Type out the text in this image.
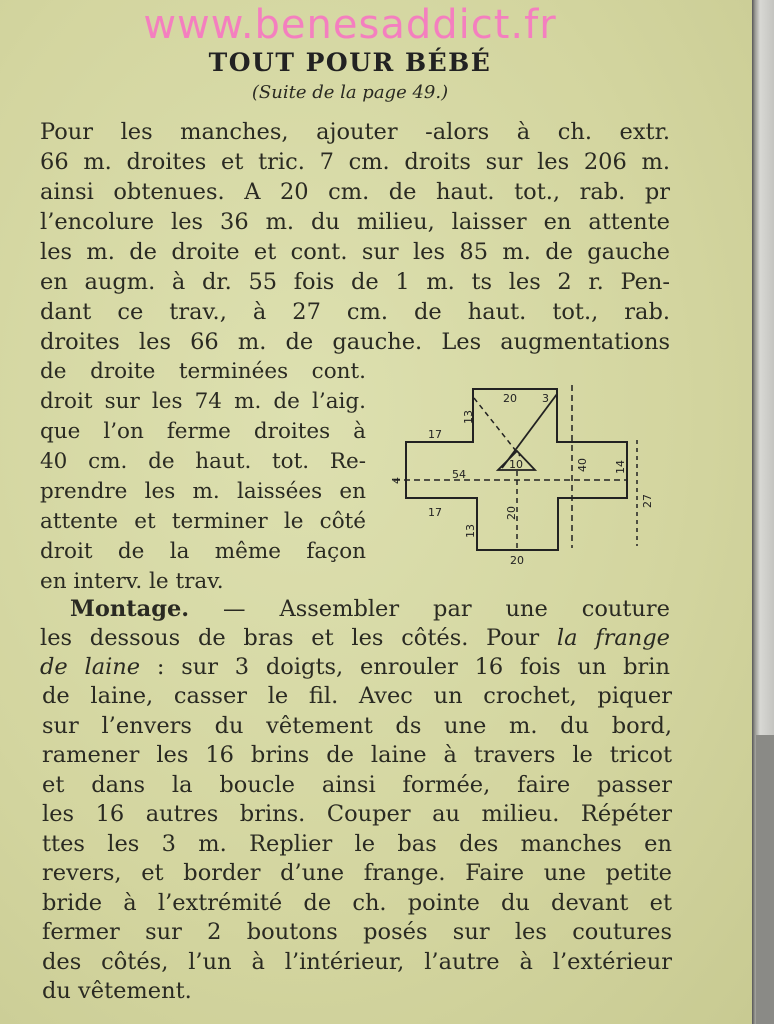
www.benesaddict.fr
TOUT POUR BÉBÉ
(Suite de la page 49.)
Pour les manches, ajouter -alors à ch. extr.
66 m. droites et tric. 7 cm. droits sur les 206 m.
ainsi obtenues. A 20 cm. de haut. tot., rab. pr
l’encolure les 36 m. du milieu, laisser en attente
les m. de droite et cont. sur les 85 m. de gauche
en augm. à dr. 55 fois de 1 m. ts les 2 r. Pen-
dant ce trav., à 27 cm. de haut. tot., rab.
droites les 66 m. de gauche. Les augmentations
de droite terminées cont.
droit sur les 74 m. de l’aig.
que l’on ferme droites à
40 cm. de haut. tot. Re-
prendre les m. laissées en
attente et terminer le côté
droit de la même façon
en interv. le trav.
Montage. — Assembler par une couture
les dessous de bras et les côtés. Pour la frange
de laine : sur 3 doigts, enrouler 16 fois un brin
de laine, casser le fil. Avec un crochet, piquer
sur l’envers du vêtement ds une m. du bord,
ramener les 16 brins de laine à travers le tricot
et dans la boucle ainsi formée, faire passer
les 16 autres brins. Couper au milieu. Répéter
ttes les 3 m. Replier le bas des manches en
revers, et border d’une frange. Faire une petite
bride à l’extrémité de ch. pointe du devant et
fermer sur 2 boutons posés sur les coutures
des côtés, l’un à l’intérieur, l’autre à l’extérieur
du vêtement.
20 3
13
17
54
4
10	40 14
27
17
13
20
20
